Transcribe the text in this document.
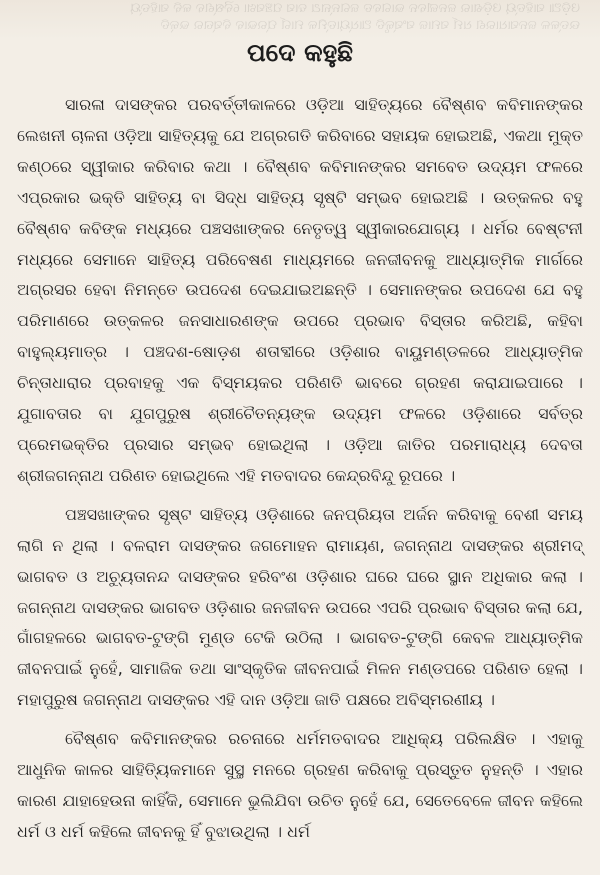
ଓଡ଼ିଆ ସାହିତ୍ୟ ଓଡ଼ିଶାର ଜନଜୀବନ ଭାଗବତ ଜଗନ୍ନାଥ ଦାସ ପଞ୍ଚସଖା ବୈଷ୍ଣବ କବି ସାହିତ୍ୟ
ଉତ୍କଳ ଜନସାଧାରଣ ଧର୍ମ ସମାଜ ସଂସ୍କୃତି ଆଧ୍ୟାତ୍ମିକ ମାର୍ଗ ପ୍ରଭାବ ବିସ୍ତାର ଭକ୍ତି
ପଦେ କହୁଛି

ସାରଳା ଦାସଙ୍କର ପରବର୍ତ୍ତୀକାଳରେ ଓଡ଼ିଆ ସାହିତ୍ୟରେ ବୈଷ୍ଣବ କବିମାନଙ୍କର ଲେଖନୀ ଚାଳନା ଓଡ଼ିଆ ସାହିତ୍ୟକୁ ଯେ ଅଗ୍ରଗତି କରିବାରେ ସହାୟକ ହୋଇଅଛି, ଏକଥା ମୁକ୍ତ କଣ୍ଠରେ ସ୍ୱୀକାର କରିବାର କଥା । ବୈଷ୍ଣବ କବିମାନଙ୍କର ସମବେତ ଉଦ୍ୟମ ଫଳରେ ଏପ୍ରକାର ଭକ୍ତି ସାହିତ୍ୟ ବା ସିଦ୍ଧ ସାହିତ୍ୟ ସୃଷ୍ଟି ସମ୍ଭବ ହୋଇଅଛି । ଉତ୍କଳର ବହୁ ବୈଷ୍ଣବ କବିଙ୍କ ମଧ୍ୟରେ ପଞ୍ଚସଖାଙ୍କର ନେତୃତ୍ୱ ସ୍ୱୀକାରଯୋଗ୍ୟ । ଧର୍ମର ବେଷ୍ଟନୀ ମଧ୍ୟରେ ସେମାନେ ସାହିତ୍ୟ ପରିବେଷଣ ମାଧ୍ୟମରେ ଜନଜୀବନକୁ ଆଧ୍ୟାତ୍ମିକ ମାର୍ଗରେ ଅଗ୍ରସର ହେବା ନିମନ୍ତେ ଉପଦେଶ ଦେଇଯାଇଅଛନ୍ତି । ସେମାନଙ୍କର ଉପଦେଶ ଯେ ବହୁ ପରିମାଣରେ ଉତ୍କଳର ଜନସାଧାରଣଙ୍କ ଉପରେ ପ୍ରଭାବ ବିସ୍ତାର କରିଅଛି, କହିବା ବାହୁଲ୍ୟମାତ୍ର । ପଞ୍ଚଦଶ-ଷୋଡ଼ଶ ଶତାବ୍ଦୀରେ ଓଡ଼ିଶାର ବାୟୁମଣ୍ଡଳରେ ଆଧ୍ୟାତ୍ମିକ ଚିନ୍ତାଧାରାର ପ୍ରବାହକୁ ଏକ ବିସ୍ମୟକର ପରିଣତି ଭାବରେ ଗ୍ରହଣ କରାଯାଇପାରେ । ଯୁଗାବତାର ବା ଯୁଗପୁରୁଷ ଶ୍ରୀଚୈତନ୍ୟଙ୍କ ଉଦ୍ୟମ ଫଳରେ ଓଡ଼ିଶାରେ ସର୍ବତ୍ର ପ୍ରେମଭକ୍ତିର ପ୍ରସାର ସମ୍ଭବ ହୋଇଥିଲା । ଓଡ଼ିଆ ଜାତିର ପରମାରାଧ୍ୟ ଦେବତା ଶ୍ରୀଜଗନ୍ନାଥ ପରିଣତ ହୋଇଥିଲେ ଏହି ମତବାଦର କେନ୍ଦ୍ରବିନ୍ଦୁ ରୂପରେ ।

ପଞ୍ଚସଖାଙ୍କର ସୃଷ୍ଟ ସାହିତ୍ୟ ଓଡ଼ିଶାରେ ଜନପ୍ରିୟତା ଅର୍ଜନ କରିବାକୁ ବେଶୀ ସମୟ ଲାଗି ନ ଥିଲା । ବଳରାମ ଦାସଙ୍କର ଜଗମୋହନ ରାମାୟଣ, ଜଗନ୍ନାଥ ଦାସଙ୍କର ଶ୍ରୀମଦ୍ ଭାଗବତ ଓ ଅଚ୍ୟୁତାନନ୍ଦ ଦାସଙ୍କର ହରିବଂଶ ଓଡ଼ିଶାର ଘରେ ଘରେ ସ୍ଥାନ ଅଧିକାର କଲା । ଜଗନ୍ନାଥ ଦାସଙ୍କର ଭାଗବତ ଓଡ଼ିଶାର ଜନଜୀବନ ଉପରେ ଏପରି ପ୍ରଭାବ ବିସ୍ତାର କଲା ଯେ, ଗାଁଗହଳରେ ଭାଗବତ-ଟୁଙ୍ଗି ମୁଣ୍ଡ ଟେକି ଉଠିଲା । ଭାଗବତ-ଟୁଙ୍ଗି କେବଳ ଆଧ୍ୟାତ୍ମିକ ଜୀବନପାଇଁ ନୁହେଁ, ସାମାଜିକ ତଥା ସାଂସ୍କୃତିକ ଜୀବନପାଇଁ ମିଳନ ମଣ୍ଡପରେ ପରିଣତ ହେଲା । ମହାପୁରୁଷ ଜଗନ୍ନାଥ ଦାସଙ୍କର ଏହି ଦାନ ଓଡ଼ିଆ ଜାତି ପକ୍ଷରେ ଅବିସ୍ମରଣୀୟ ।

ବୈଷ୍ଣବ କବିମାନଙ୍କର ରଚନାରେ ଧର୍ମମତବାଦର ଆଧିକ୍ୟ ପରିଲକ୍ଷିତ । ଏହାକୁ ଆଧୁନିକ କାଳର ସାହିତ୍ୟିକମାନେ ସୁସ୍ଥ ମନରେ ଗ୍ରହଣ କରିବାକୁ ପ୍ରସ୍ତୁତ ନୁହନ୍ତି । ଏହାର କାରଣ ଯାହାହେଉନା କାହିଁକି, ସେମାନେ ଭୁଲିଯିବା ଉଚିତ ନୁହେଁ ଯେ, ସେତେବେଳେ ଜୀବନ କହିଲେ ଧର୍ମ ଓ ଧର୍ମ କହିଲେ ଜୀବନକୁ ହିଁ ବୁଝାଉଥିଲା । ଧର୍ମ
